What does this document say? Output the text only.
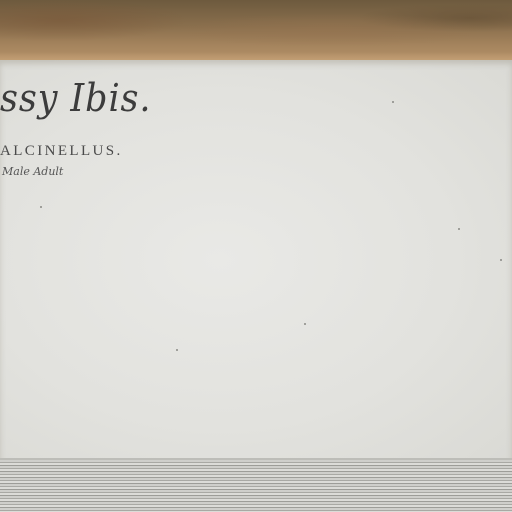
ssy Ibis.
ALCINELLUS.
Male Adult
